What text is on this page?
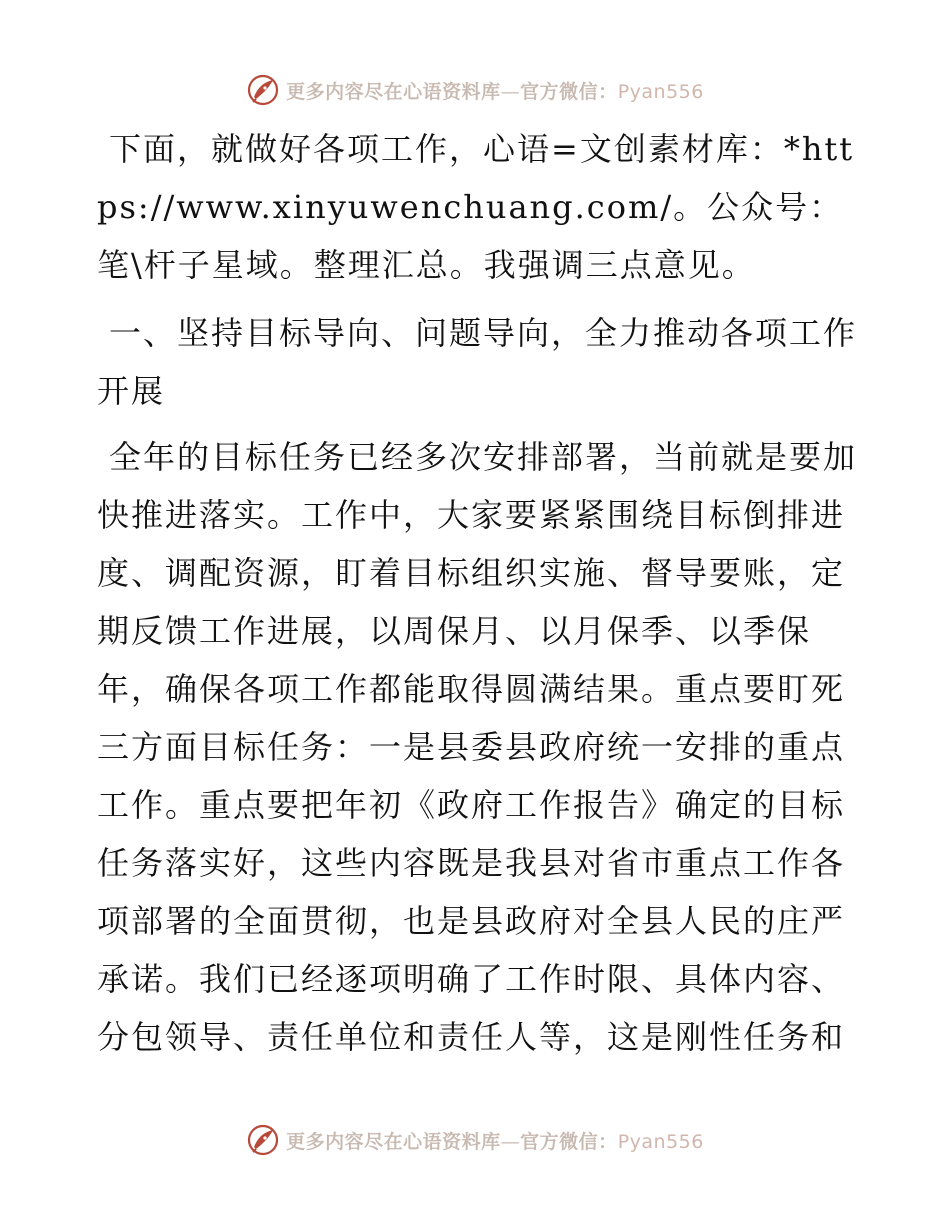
更多内容尽在心语资料库—官方微信：Pyan556

下面，就做好各项工作，心语=文创素材库：*https://www.xinyuwenchuang.com/。公众号：笔\杆子星域。整理汇总。我强调三点意见。

一、坚持目标导向、问题导向，全力推动各项工作开展

全年的目标任务已经多次安排部署，当前就是要加快推进落实。工作中，大家要紧紧围绕目标倒排进度、调配资源，盯着目标组织实施、督导要账，定期反馈工作进展，以周保月、以月保季、以季保年，确保各项工作都能取得圆满结果。重点要盯死三方面目标任务：一是县委县政府统一安排的重点工作。重点要把年初《政府工作报告》确定的目标任务落实好，这些内容既是我县对省市重点工作各项部署的全面贯彻，也是县政府对全县人民的庄严承诺。我们已经逐项明确了工作时限、具体内容、分包领导、责任单位和责任人等，这是刚性任务和

更多内容尽在心语资料库—官方微信：Pyan556
